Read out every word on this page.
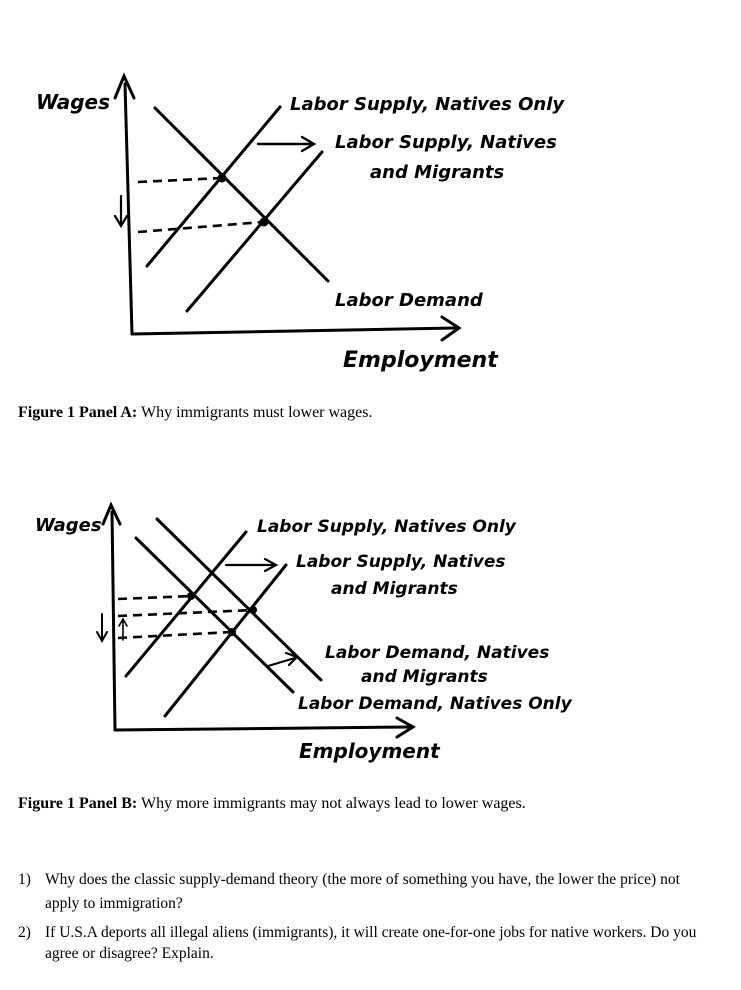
Wages	Labor Supply, Natives Only
Labor Supply, Natives
and Migrants
Labor Demand
Employment
Figure 1 Panel A: Why immigrants must lower wages.
Wages	Labor Supply, Natives Only
Labor Supply, Natives
and Migrants
Labor Demand, Natives
and Migrants
Labor Demand, Natives Only
Employment
Figure 1 Panel B: Why more immigrants may not always lead to lower wages.
1) Why does the classic supply-demand theory (the more of something you have, the lower the price) not apply to immigration?
2) If U.S.A deports all illegal aliens (immigrants), it will create one-for-one jobs for native workers. Do you agree or disagree? Explain.
